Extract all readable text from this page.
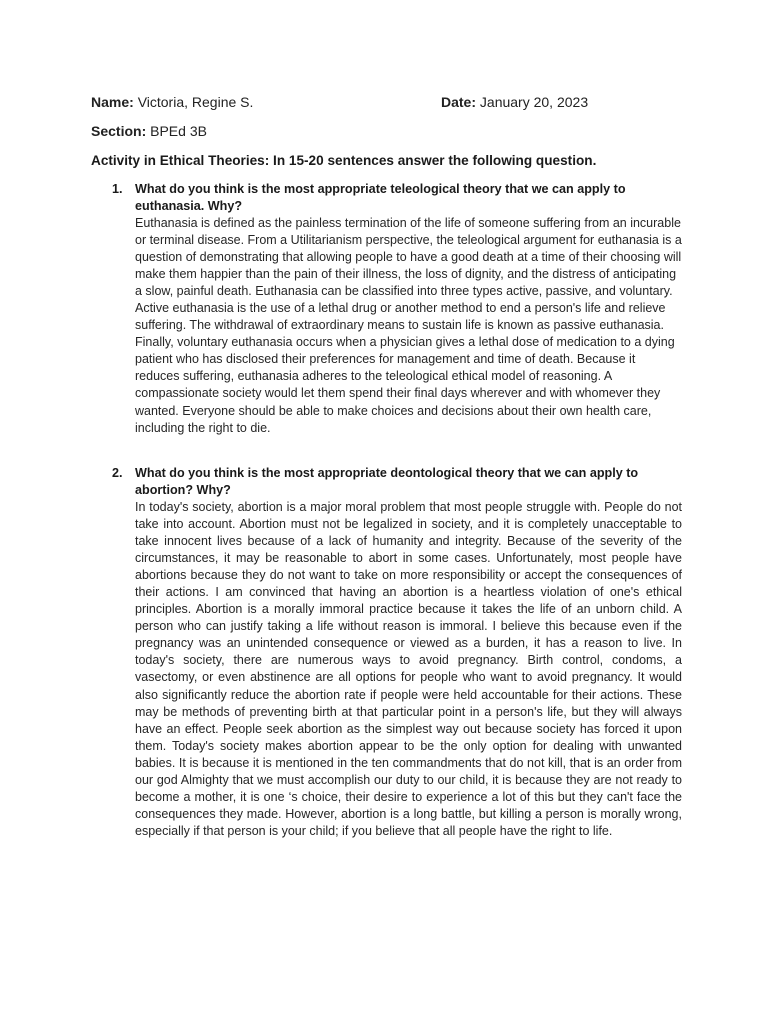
Name: Victoria, Regine S.	Date: January 20, 2023
Section: BPEd 3B
Activity in Ethical Theories: In 15-20 sentences answer the following question.
1. What do you think is the most appropriate teleological theory that we can apply to euthanasia. Why?
Euthanasia is defined as the painless termination of the life of someone suffering from an incurable or terminal disease. From a Utilitarianism perspective, the teleological argument for euthanasia is a question of demonstrating that allowing people to have a good death at a time of their choosing will make them happier than the pain of their illness, the loss of dignity, and the distress of anticipating a slow, painful death. Euthanasia can be classified into three types active, passive, and voluntary. Active euthanasia is the use of a lethal drug or another method to end a person's life and relieve suffering. The withdrawal of extraordinary means to sustain life is known as passive euthanasia. Finally, voluntary euthanasia occurs when a physician gives a lethal dose of medication to a dying patient who has disclosed their preferences for management and time of death. Because it reduces suffering, euthanasia adheres to the teleological ethical model of reasoning. A compassionate society would let them spend their final days wherever and with whomever they wanted. Everyone should be able to make choices and decisions about their own health care, including the right to die.
2. What do you think is the most appropriate deontological theory that we can apply to abortion? Why?
In today's society, abortion is a major moral problem that most people struggle with. People do not take into account. Abortion must not be legalized in society, and it is completely unacceptable to take innocent lives because of a lack of humanity and integrity. Because of the severity of the circumstances, it may be reasonable to abort in some cases. Unfortunately, most people have abortions because they do not want to take on more responsibility or accept the consequences of their actions. I am convinced that having an abortion is a heartless violation of one's ethical principles. Abortion is a morally immoral practice because it takes the life of an unborn child. A person who can justify taking a life without reason is immoral. I believe this because even if the pregnancy was an unintended consequence or viewed as a burden, it has a reason to live. In today's society, there are numerous ways to avoid pregnancy. Birth control, condoms, a vasectomy, or even abstinence are all options for people who want to avoid pregnancy. It would also significantly reduce the abortion rate if people were held accountable for their actions. These may be methods of preventing birth at that particular point in a person's life, but they will always have an effect. People seek abortion as the simplest way out because society has forced it upon them. Today's society makes abortion appear to be the only option for dealing with unwanted babies. It is because it is mentioned in the ten commandments that do not kill, that is an order from our god Almighty that we must accomplish our duty to our child, it is because they are not ready to become a mother, it is one ‘s choice, their desire to experience a lot of this but they can't face the consequences they made. However, abortion is a long battle, but killing a person is morally wrong, especially if that person is your child; if you believe that all people have the right to life.
